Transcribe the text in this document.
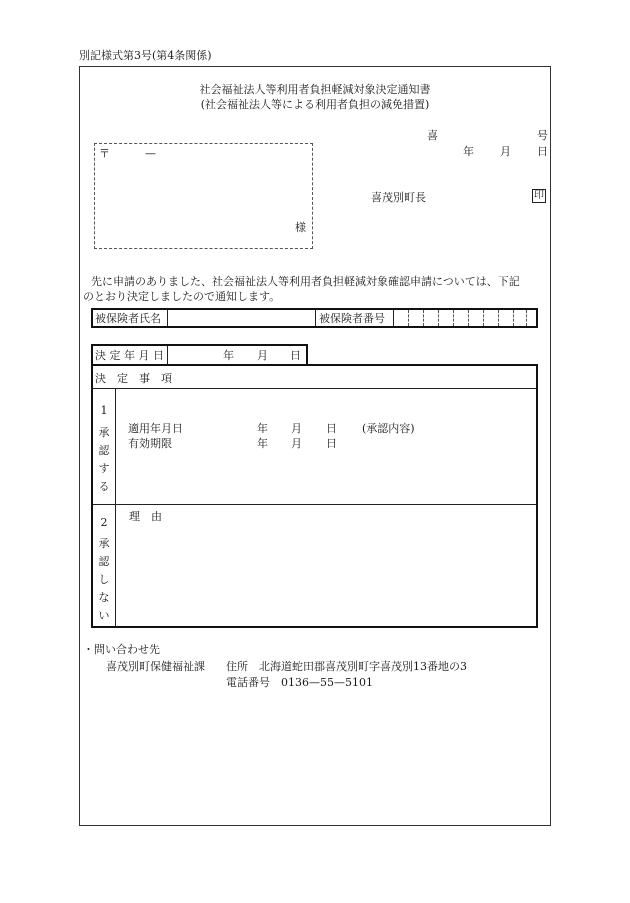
別記様式第3号(第4条関係)
社会福祉法人等利用者負担軽減対象決定通知書
(社会福祉法人等による利用者負担の減免措置)
喜	号
年 月 日
〒	—
様
喜茂別町長	印
先に申請のありました、社会福祉法人等利用者負担軽減対象確認申請については、下記
のとおり決定しましたので通知します。
被保険者氏名	被保険者番号
決 定 年 月 日	年 月 日
決　定　事　項
1
承
認
す
る
適用年月日	年 月 日 (承認内容)
有効期限	年 月 日
2
承
認
し
な
い
理　由
・問い合わせ先
喜茂別町保健福祉課 住所　北海道蛇田郡喜茂別町字喜茂別13番地の3
電話番号　0136—55—5101
